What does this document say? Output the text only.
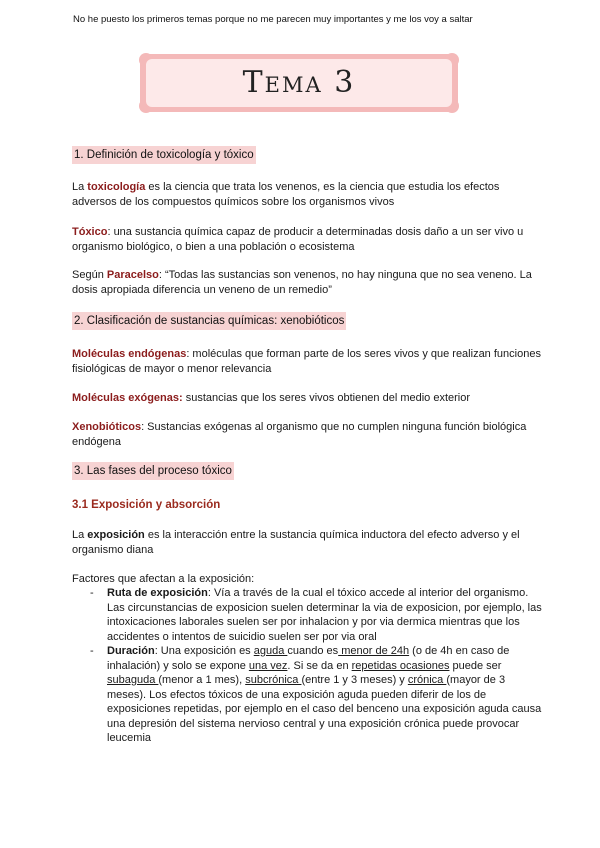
No he puesto los primeros temas porque no me parecen muy importantes y me los voy a saltar
Tema 3
1. Definición de toxicología y tóxico
La toxicología es la ciencia que trata los venenos, es la ciencia que estudia los efectos adversos de los compuestos químicos sobre los organismos vivos
Tóxico: una sustancia química capaz de producir a determinadas dosis daño a un ser vivo u organismo biológico, o bien a una población o ecosistema
Según Paracelso: “Todas las sustancias son venenos, no hay ninguna que no sea veneno. La dosis apropiada diferencia un veneno de un remedio”
2. Clasificación de sustancias químicas: xenobióticos
Moléculas endógenas: moléculas que forman parte de los seres vivos y que realizan funciones fisiológicas de mayor o menor relevancia
Moléculas exógenas: sustancias que los seres vivos obtienen del medio exterior
Xenobióticos: Sustancias exógenas al organismo que no cumplen ninguna función biológica endógena
3. Las fases del proceso tóxico
3.1 Exposición y absorción
La exposición es la interacción entre la sustancia química inductora del efecto adverso y el organismo diana
Factores que afectan a la exposición:
- Ruta de exposición: Vía a través de la cual el tóxico accede al interior del organismo. Las circunstancias de exposicion suelen determinar la via de exposicion, por ejemplo, las intoxicaciones laborales suelen ser por inhalacion y por via dermica mientras que los accidentes o intentos de suicidio suelen ser por via oral
- Duración: Una exposición es aguda cuando es menor de 24h (o de 4h en caso de inhalación) y solo se expone una vez. Si se da en repetidas ocasiones puede ser subaguda (menor a 1 mes), subcrónica (entre 1 y 3 meses) y crónica (mayor de 3 meses). Los efectos tóxicos de una exposición aguda pueden diferir de los de exposiciones repetidas, por ejemplo en el caso del benceno una exposición aguda causa una depresión del sistema nervioso central y una exposición crónica puede provocar leucemia
